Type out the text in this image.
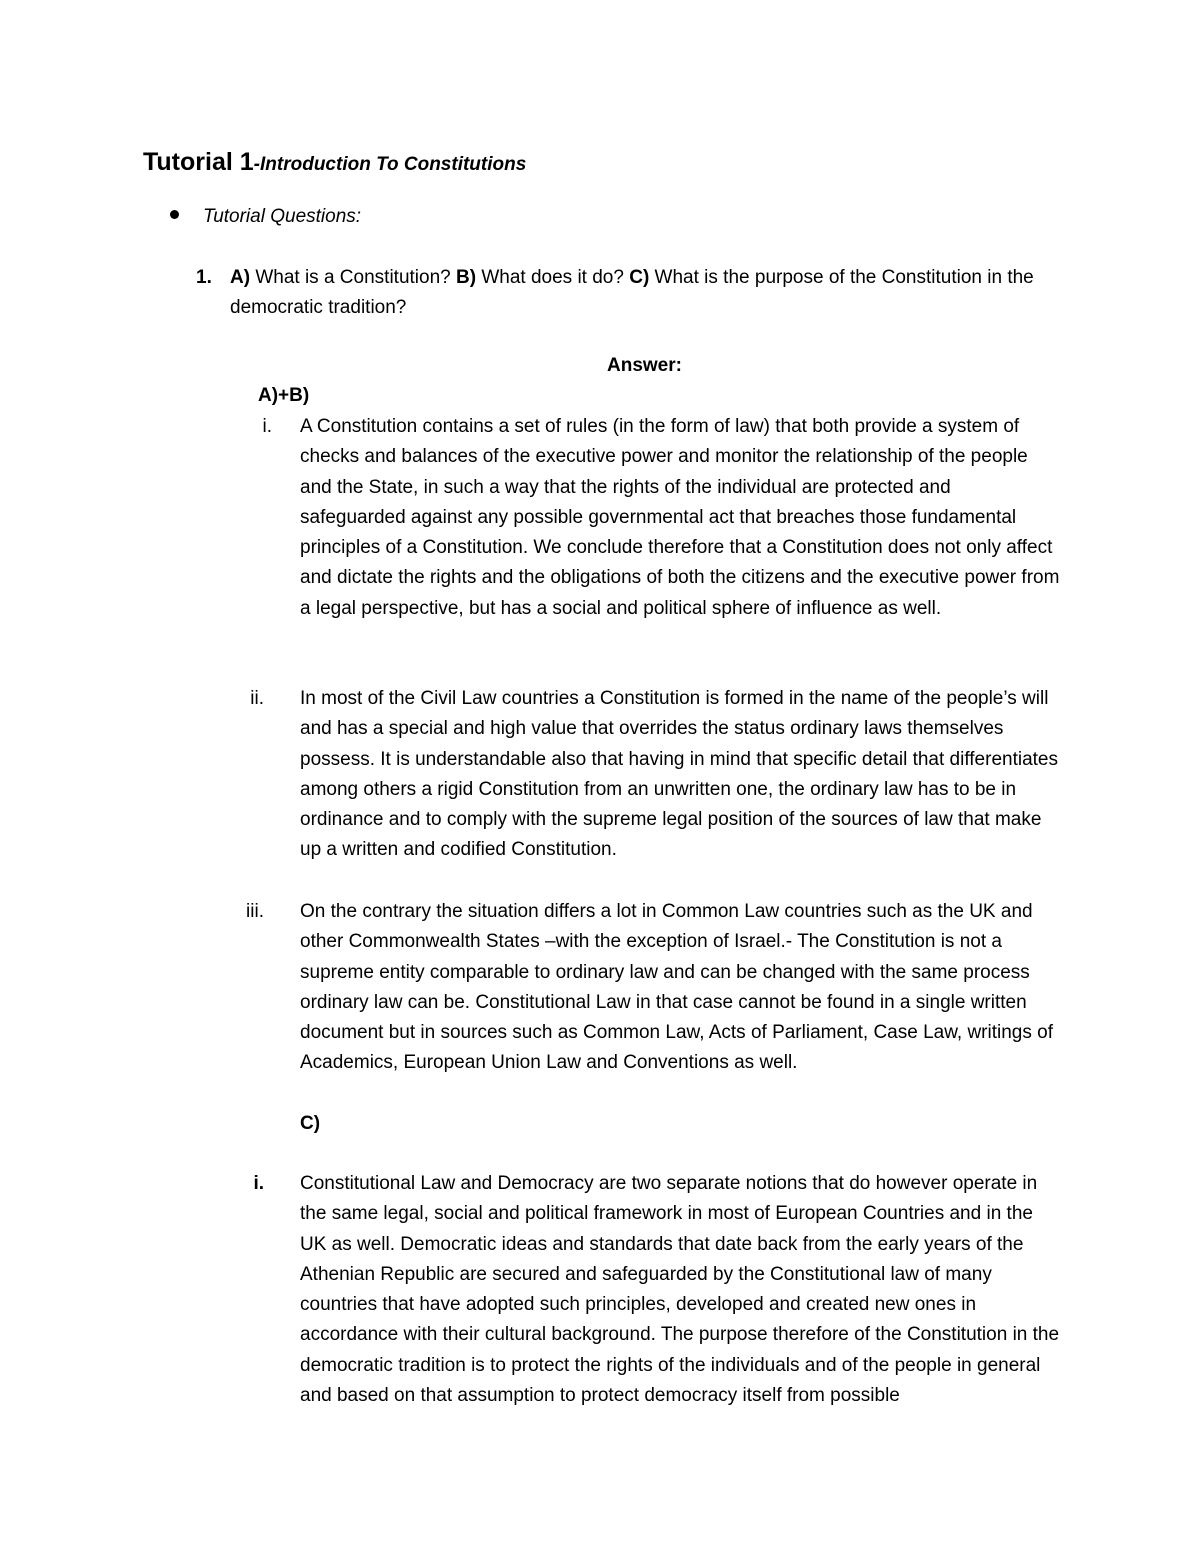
Tutorial 1-Introduction To Constitutions
Tutorial Questions:
1. A) What is a Constitution? B) What does it do? C) What is the purpose of the Constitution in the democratic tradition?
Answer:
A)+B)
i. A Constitution contains a set of rules (in the form of law) that both provide a system of checks and balances of the executive power and monitor the relationship of the people and the State, in such a way that the rights of the individual are protected and safeguarded against any possible governmental act that breaches those fundamental principles of a Constitution. We conclude therefore that a Constitution does not only affect and dictate the rights and the obligations of both the citizens and the executive power from a legal perspective, but has a social and political sphere of influence as well.
ii. In most of the Civil Law countries a Constitution is formed in the name of the people’s will and has a special and high value that overrides the status ordinary laws themselves possess. It is understandable also that having in mind that specific detail that differentiates among others a rigid Constitution from an unwritten one, the ordinary law has to be in ordinance and to comply with the supreme legal position of the sources of law that make up a written and codified Constitution.
iii. On the contrary the situation differs a lot in Common Law countries such as the UK and other Commonwealth States –with the exception of Israel.- The Constitution is not a supreme entity comparable to ordinary law and can be changed with the same process ordinary law can be. Constitutional Law in that case cannot be found in a single written document but in sources such as Common Law, Acts of Parliament, Case Law, writings of Academics, European Union Law and Conventions as well.
C)
i. Constitutional Law and Democracy are two separate notions that do however operate in the same legal, social and political framework in most of European Countries and in the UK as well. Democratic ideas and standards that date back from the early years of the Athenian Republic are secured and safeguarded by the Constitutional law of many countries that have adopted such principles, developed and created new ones in accordance with their cultural background. The purpose therefore of the Constitution in the democratic tradition is to protect the rights of the individuals and of the people in general and based on that assumption to protect democracy itself from possible
